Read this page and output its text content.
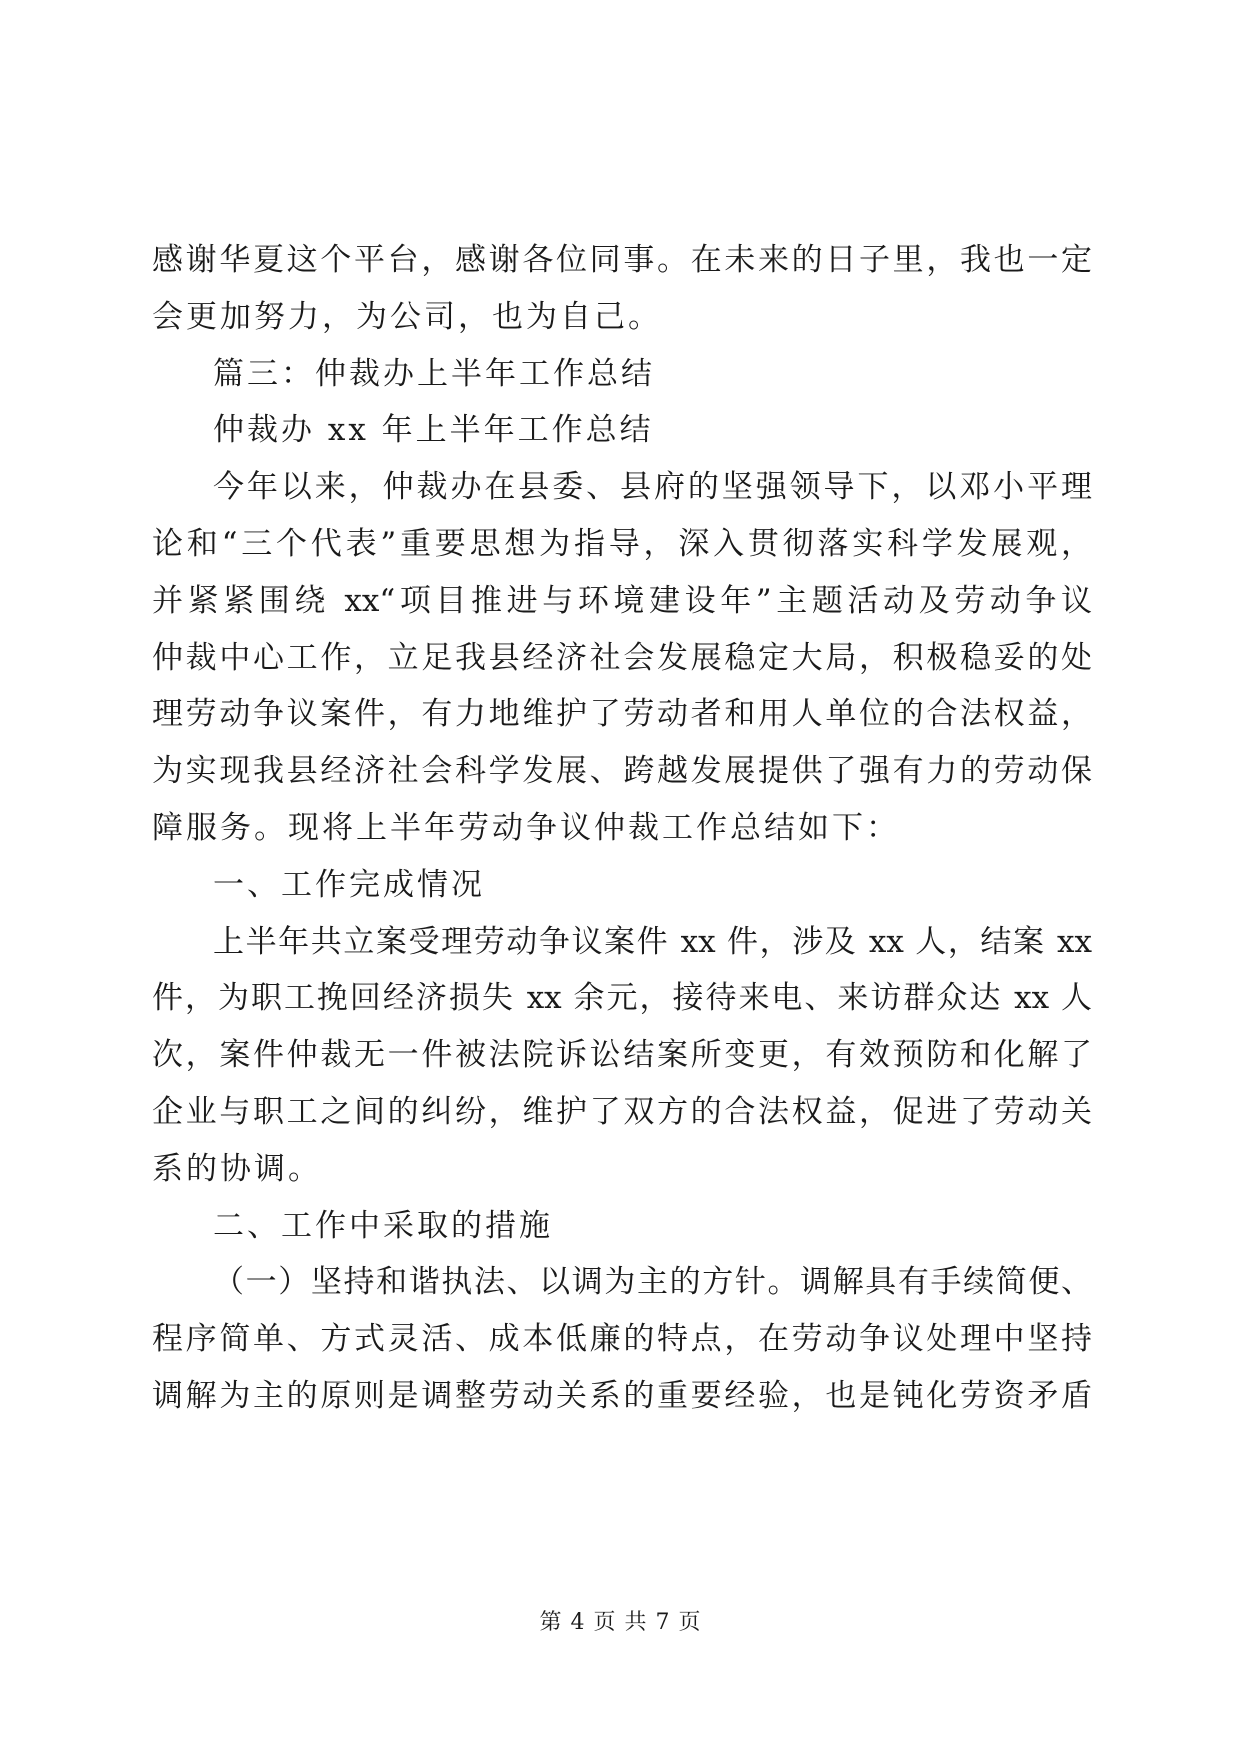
感谢华夏这个平台，感谢各位同事。在未来的日子里，我也一定
会更加努力，为公司，也为自己。
篇三：仲裁办上半年工作总结
仲裁办 xx 年上半年工作总结
今年以来，仲裁办在县委、县府的坚强领导下，以邓小平理
论和“三个代表”重要思想为指导，深入贯彻落实科学发展观，
并紧紧围绕 xx“项目推进与环境建设年”主题活动及劳动争议
仲裁中心工作，立足我县经济社会发展稳定大局，积极稳妥的处
理劳动争议案件，有力地维护了劳动者和用人单位的合法权益，
为实现我县经济社会科学发展、跨越发展提供了强有力的劳动保
障服务。现将上半年劳动争议仲裁工作总结如下：
一、工作完成情况
上半年共立案受理劳动争议案件 xx 件，涉及 xx 人，结案 xx
件，为职工挽回经济损失 xx 余元，接待来电、来访群众达 xx 人
次，案件仲裁无一件被法院诉讼结案所变更，有效预防和化解了
企业与职工之间的纠纷，维护了双方的合法权益，促进了劳动关
系的协调。
二、工作中采取的措施
（一）坚持和谐执法、以调为主的方针。调解具有手续简便、
程序简单、方式灵活、成本低廉的特点，在劳动争议处理中坚持
调解为主的原则是调整劳动关系的重要经验，也是钝化劳资矛盾
第 4 页 共 7 页
